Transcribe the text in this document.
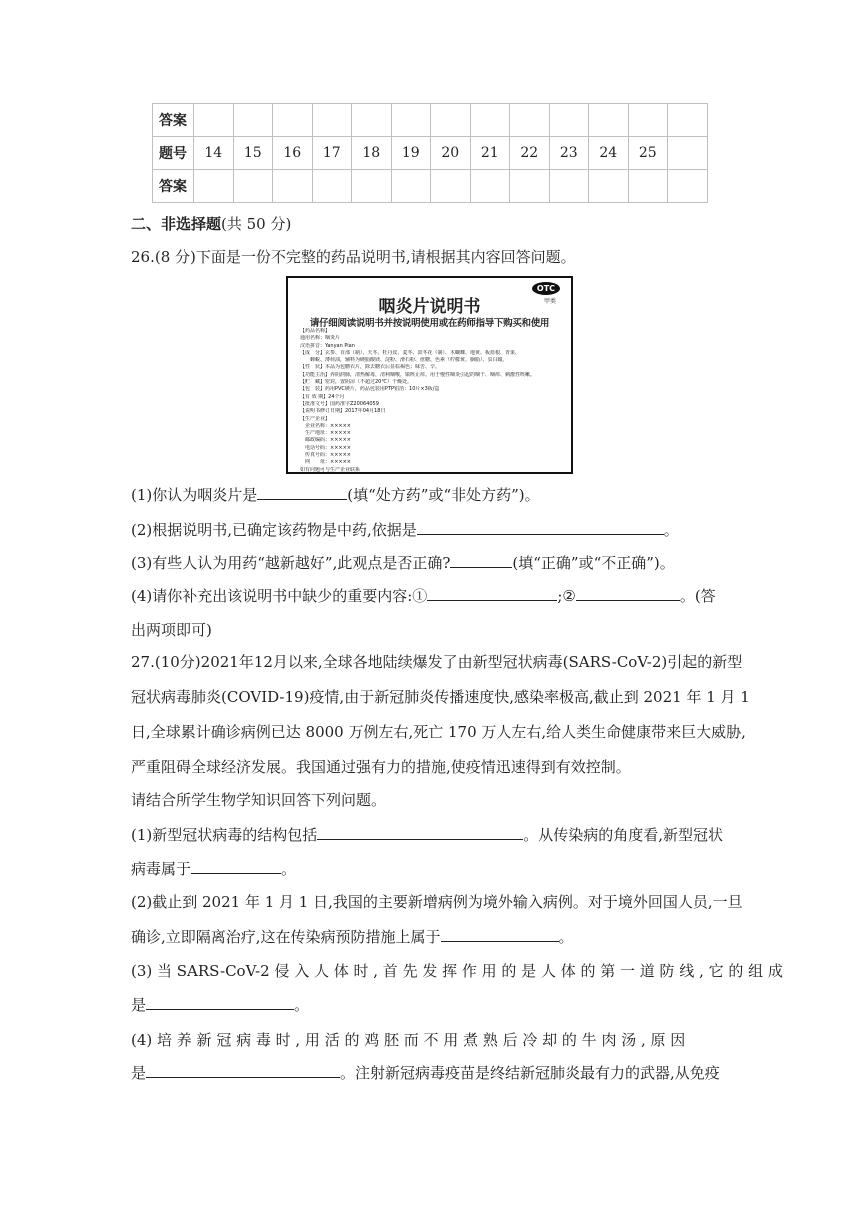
答案													
题号	14	15	16	17	18	19	20	21	22	23	24	25	
答案													
二、非选择题(共 50 分)
26.(8 分)下面是一份不完整的药品说明书,请根据其内容回答问题。
OTC
甲类
咽炎片说明书
请仔细阅读说明书并按说明使用或在药师指导下购买和使用
【药品名称】
通用名称：咽炎片
汉语拼音：Yanyan Pian
【成　分】玄参、百部（制）、天冬、牡丹皮、麦冬、款冬花（制）、木蝴蝶、地黄、板蓝根、青果、
　　蝉蜕、薄荷油，辅料为硬脂酸镁、淀粉、滑石粉、蔗糖、色素（柠檬黄、胭脂）、虫白蜡。
【性　状】本品为包糖衣片，除去糖衣后显棕褐色；味苦、辛。
【功能主治】养阴润肺，清热解毒，清利咽喉，镇咳止痒。用于慢性咽炎引起的咽干、咽痒、刺激性咳嗽。
【贮　藏】密封，置阴凉（不超过20℃）干燥处。
【包　装】药用PVC硬片，药品包装用PTP铝箔：10片×3板/盒
【有 效 期】24个月
【批准文号】国药准字Z20064059
【说明书修订日期】2017年04月18日
【生产企业】
　企业名称：×××××
　生产地址：×××××
　邮政编码：×××××
　电话号码：×××××
　传真号码：×××××
　网　　址：×××××
如有问题可与生产企业联系
(1)你认为咽炎片是	(填“处方药”或“非处方药”)。
(2)根据说明书,已确定该药物是中药,依据是	。
(3)有些人认为用药“越新越好”,此观点是否正确?	(填“正确”或“不正确”)。
(4)请你补充出该说明书中缺少的重要内容:①	;②	。(答
出两项即可)
27.(10分)2021年12月以来,全球各地陆续爆发了由新型冠状病毒(SARS-CoV-2)引起的新型
冠状病毒肺炎(COVID-19)疫情,由于新冠肺炎传播速度快,感染率极高,截止到 2021 年 1 月 1
日,全球累计确诊病例已达 8000 万例左右,死亡 170 万人左右,给人类生命健康带来巨大威胁,
严重阻碍全球经济发展。我国通过强有力的措施,使疫情迅速得到有效控制。
请结合所学生物学知识回答下列问题。
(1)新型冠状病毒的结构包括	。从传染病的角度看,新型冠状
病毒属于	。
(2)截止到 2021 年 1 月 1 日,我国的主要新增病例为境外输入病例。对于境外回国人员,一旦
确诊,立即隔离治疗,这在传染病预防措施上属于	。
(3) 当 SARS-CoV-2 侵 入 人 体 时 , 首 先 发 挥 作 用 的 是 人 体 的 第 一 道 防 线 , 它 的 组 成
是	。
(4) 培 养 新 冠 病 毒 时 , 用 活 的 鸡 胚 而 不 用 煮 熟 后 冷 却 的 牛 肉 汤 , 原 因
是	。注射新冠病毒疫苗是终结新冠肺炎最有力的武器,从免疫
